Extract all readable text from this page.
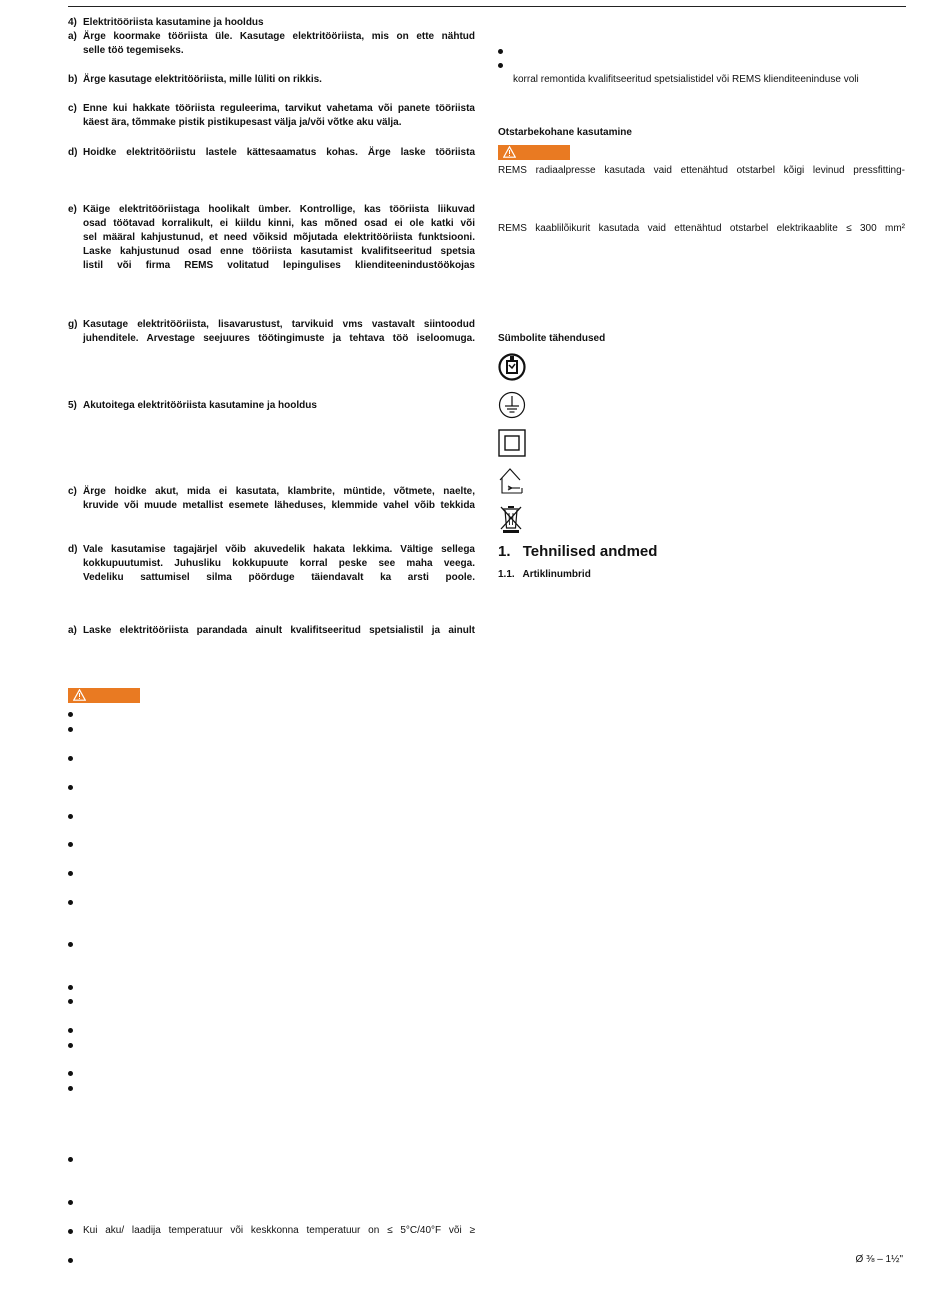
4) Elektritööriista kasutamine ja hooldus
a) Ärge koormake tööriista üle. Kasutage elektritööriista, mis on ette nähtud
selle töö tegemiseks.
b) Ärge kasutage elektritööriista, mille lüliti on rikkis.
c) Enne kui hakkate tööriista reguleerima, tarvikut vahetama või panete tööriista
käest ära, tõmmake pistik pistikupesast välja ja/või võtke aku välja.
d) Hoidke elektritööriistu lastele kättesaamatus kohas. Ärge laske tööriista
e) Käige elektritööriistaga hoolikalt ümber. Kontrollige, kas tööriista liikuvad
osad töötavad korralikult, ei kiildu kinni, kas mõned osad ei ole katki või
sel määral kahjustunud, et need võiksid mõjutada elektritööriista funktsiooni.
Laske kahjustunud osad enne tööriista kasutamist kvalifitseeritud spetsia
listil või firma REMS volitatud lepingulises klienditeenindustöökojas
g) Kasutage elektritööriista, lisavarustust, tarvikuid vms vastavalt siintoodud
juhenditele. Arvestage seejuures töötingimuste ja tehtava töö iseloomuga.
5) Akutoitega elektritööriista kasutamine ja hooldus
c) Ärge hoidke akut, mida ei kasutata, klambrite, müntide, võtmete, naelte,
kruvide või muude metallist esemete läheduses, klemmide vahel võib tekkida
d) Vale kasutamise tagajärjel võib akuvedelik hakata lekkima. Vältige sellega
kokkupuutumist. Juhusliku kokkupuute korral peske see maha veega.
Vedeliku sattumisel silma pöörduge täiendavalt ka arsti poole.
a) Laske elektritööriista parandada ainult kvalifitseeritud spetsialistil ja ainult
Kui aku/ laadija temperatuur või keskkonna temperatuur on ≤ 5°C/40°F või ≥
korral remontida kvalifitseeritud spetsialistidel või REMS klienditeeninduse voli
Otstarbekohane kasutamine
REMS radiaalpresse kasutada vaid ettenähtud otstarbel kõigi levinud pressfitting-
REMS kaablilõikurit kasutada vaid ettenähtud otstarbel elektrikaablite ≤ 300 mm²
Sümbolite tähendused
1. Tehnilised andmed
1.1. Artiklinumbrid
Ø ⅜ – 1½"
